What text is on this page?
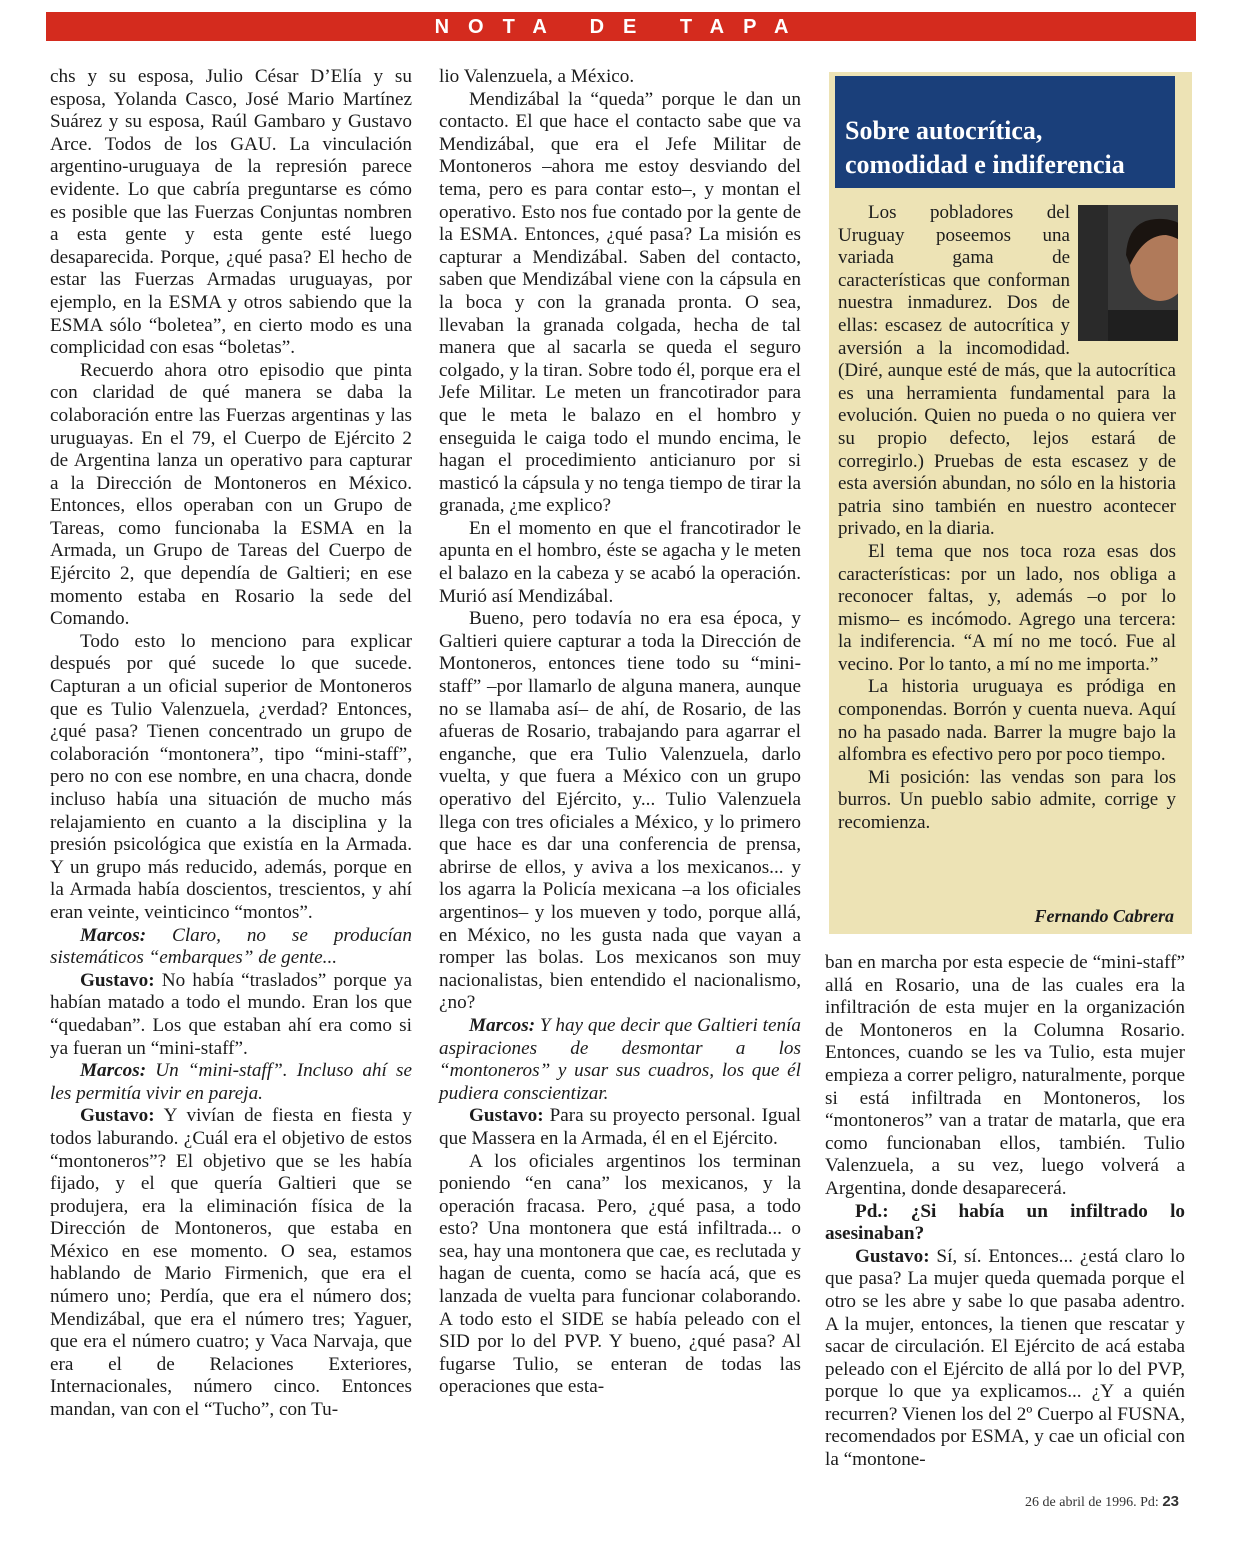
NOTA DE TAPA

chs y su esposa, Julio César D’Elía y su esposa, Yolanda Casco, José Mario Martínez Suárez y su esposa, Raúl Gambaro y Gustavo Arce. Todos de los GAU. La vinculación argentino-uruguaya de la represión parece evidente. Lo que cabría preguntarse es cómo es posible que las Fuerzas Conjuntas nombren a esta gente y esta gente esté luego desaparecida. Porque, ¿qué pasa? El hecho de estar las Fuerzas Armadas uruguayas, por ejemplo, en la ESMA y otros sabiendo que la ESMA sólo “boletea”, en cierto modo es una complicidad con esas “boletas”.

Recuerdo ahora otro episodio que pinta con claridad de qué manera se daba la colaboración entre las Fuerzas argentinas y las uruguayas. En el 79, el Cuerpo de Ejército 2 de Argentina lanza un operativo para capturar a la Dirección de Montoneros en México. Entonces, ellos operaban con un Grupo de Tareas, como funcionaba la ESMA en la Armada, un Grupo de Tareas del Cuerpo de Ejército 2, que dependía de Galtieri; en ese momento estaba en Rosario la sede del Comando.

Todo esto lo menciono para explicar después por qué sucede lo que sucede. Capturan a un oficial superior de Montoneros que es Tulio Valenzuela, ¿verdad? Entonces, ¿qué pasa? Tienen concentrado un grupo de colaboración “montonera”, tipo “mini-staff”, pero no con ese nombre, en una chacra, donde incluso había una situación de mucho más relajamiento en cuanto a la disciplina y la presión psicológica que existía en la Armada. Y un grupo más reducido, además, porque en la Armada había doscientos, trescientos, y ahí eran veinte, veinticinco “montos”.

Marcos: Claro, no se producían sistemáticos “embarques” de gente...

Gustavo: No había “traslados” porque ya habían matado a todo el mundo. Eran los que “quedaban”. Los que estaban ahí era como si ya fueran un “mini-staff”.

Marcos: Un “mini-staff”. Incluso ahí se les permitía vivir en pareja.

Gustavo: Y vivían de fiesta en fiesta y todos laburando. ¿Cuál era el objetivo de estos “montoneros”? El objetivo que se les había fijado, y el que quería Galtieri que se produjera, era la eliminación física de la Dirección de Montoneros, que estaba en México en ese momento. O sea, estamos hablando de Mario Firmenich, que era el número uno; Perdía, que era el número dos; Mendizábal, que era el número tres; Yaguer, que era el número cuatro; y Vaca Narvaja, que era el de Relaciones Exteriores, Internacionales, número cinco. Entonces mandan, van con el “Tucho”, con Tu-

lio Valenzuela, a México.

Mendizábal la “queda” porque le dan un contacto. El que hace el contacto sabe que va Mendizábal, que era el Jefe Militar de Montoneros –ahora me estoy desviando del tema, pero es para contar esto–, y montan el operativo. Esto nos fue contado por la gente de la ESMA. Entonces, ¿qué pasa? La misión es capturar a Mendizábal. Saben del contacto, saben que Mendizábal viene con la cápsula en la boca y con la granada pronta. O sea, llevaban la granada colgada, hecha de tal manera que al sacarla se queda el seguro colgado, y la tiran. Sobre todo él, porque era el Jefe Militar. Le meten un francotirador para que le meta le balazo en el hombro y enseguida le caiga todo el mundo encima, le hagan el procedimiento anticianuro por si masticó la cápsula y no tenga tiempo de tirar la granada, ¿me explico?

En el momento en que el francotirador le apunta en el hombro, éste se agacha y le meten el balazo en la cabeza y se acabó la operación. Murió así Mendizábal.

Bueno, pero todavía no era esa época, y Galtieri quiere capturar a toda la Dirección de Montoneros, entonces tiene todo su “mini-staff” –por llamarlo de alguna manera, aunque no se llamaba así– de ahí, de Rosario, de las afueras de Rosario, trabajando para agarrar el enganche, que era Tulio Valenzuela, darlo vuelta, y que fuera a México con un grupo operativo del Ejército, y... Tulio Valenzuela llega con tres oficiales a México, y lo primero que hace es dar una conferencia de prensa, abrirse de ellos, y aviva a los mexicanos... y los agarra la Policía mexicana –a los oficiales argentinos– y los mueven y todo, porque allá, en México, no les gusta nada que vayan a romper las bolas. Los mexicanos son muy nacionalistas, bien entendido el nacionalismo, ¿no?

Marcos: Y hay que decir que Galtieri tenía aspiraciones de desmontar a los “montoneros” y usar sus cuadros, los que él pudiera conscientizar.

Gustavo: Para su proyecto personal. Igual que Massera en la Armada, él en el Ejército.

A los oficiales argentinos los terminan poniendo “en cana” los mexicanos, y la operación fracasa. Pero, ¿qué pasa, a todo esto? Una montonera que está infiltrada... o sea, hay una montonera que cae, es reclutada y hagan de cuenta, como se hacía acá, que es lanzada de vuelta para funcionar colaborando. A todo esto el SIDE se había peleado con el SID por lo del PVP. Y bueno, ¿qué pasa? Al fugarse Tulio, se enteran de todas las operaciones que esta-

Sobre autocrítica,
comodidad e indiferencia

Los pobladores del Uruguay poseemos una variada gama de características que conforman nuestra inmadurez. Dos de ellas: escasez de autocrítica y aversión a la incomodidad. (Diré, aunque esté de más, que la autocrítica es una herramienta fundamental para la evolución. Quien no pueda o no quiera ver su propio defecto, lejos estará de corregirlo.) Pruebas de esta escasez y de esta aversión abundan, no sólo en la historia patria sino también en nuestro acontecer privado, en la diaria.

El tema que nos toca roza esas dos características: por un lado, nos obliga a reconocer faltas, y, además –o por lo mismo– es incómodo. Agrego una tercera: la indiferencia. “A mí no me tocó. Fue al vecino. Por lo tanto, a mí no me importa.”

La historia uruguaya es pródiga en componendas. Borrón y cuenta nueva. Aquí no ha pasado nada. Barrer la mugre bajo la alfombra es efectivo pero por poco tiempo.

Mi posición: las vendas son para los burros. Un pueblo sabio admite, corrige y recomienza.

Fernando Cabrera

ban en marcha por esta especie de “mini-staff” allá en Rosario, una de las cuales era la infiltración de esta mujer en la organización de Montoneros en la Columna Rosario. Entonces, cuando se les va Tulio, esta mujer empieza a correr peligro, naturalmente, porque si está infiltrada en Montoneros, los “montoneros” van a tratar de matarla, que era como funcionaban ellos, también. Tulio Valenzuela, a su vez, luego volverá a Argentina, donde desaparecerá.

Pd.: ¿Si había un infiltrado lo asesinaban?

Gustavo: Sí, sí. Entonces... ¿está claro lo que pasa? La mujer queda quemada porque el otro se les abre y sabe lo que pasaba adentro. A la mujer, entonces, la tienen que rescatar y sacar de circulación. El Ejército de acá estaba peleado con el Ejército de allá por lo del PVP, porque lo que ya explicamos... ¿Y a quién recurren? Vienen los del 2º Cuerpo al FUSNA, recomendados por ESMA, y cae un oficial con la “montone-

26 de abril de 1996. Pd: 23
